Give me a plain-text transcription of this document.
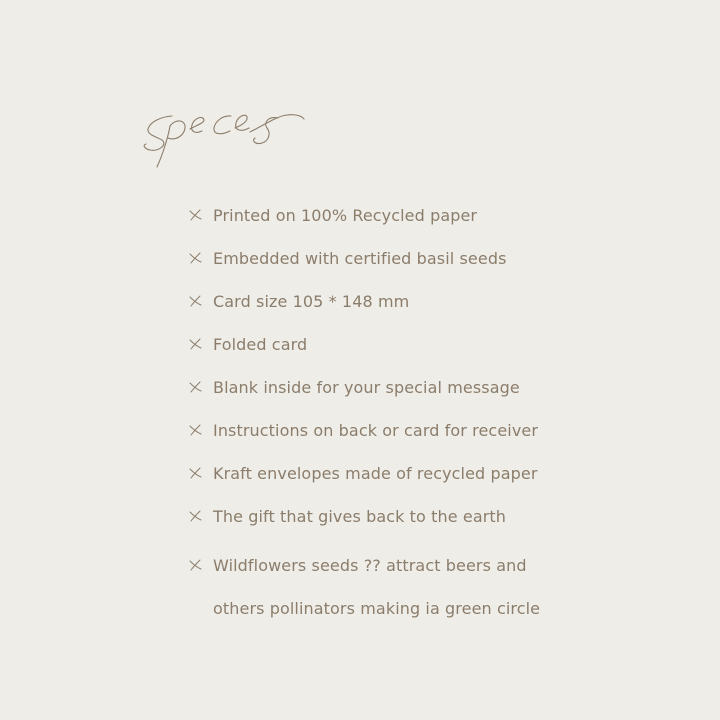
Printed on 100% Recycled paper
Embedded with certified basil seeds
Card size 105 * 148 mm
Folded card
Blank inside for your special message
Instructions on back or card for receiver
Kraft envelopes made of recycled paper
The gift that gives back to the earth
Wildflowers seeds ?? attract beers and
others pollinators making ia green circle
